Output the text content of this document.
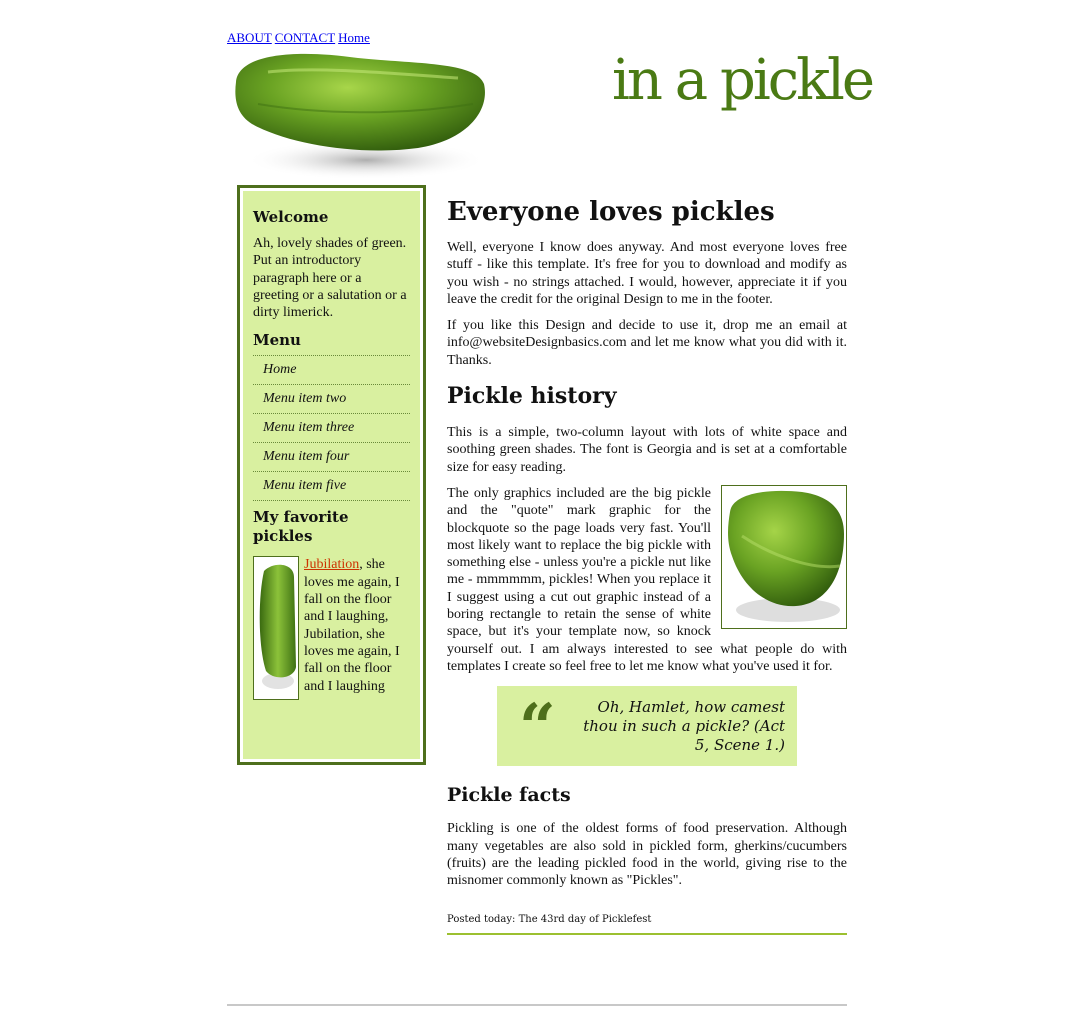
ABOUT CONTACT Home
in a pickle
Welcome

Ah, lovely shades of green. Put an introductory paragraph here or a greeting or a salutation or a dirty limerick.

Menu
Home
Menu item two
Menu item three
Menu item four
Menu item five
My favorite pickles
Jubilation, she loves me again, I fall on the floor and I laughing, Jubilation, she loves me again, I fall on the floor and I laughing
Everyone loves pickles

Well, everyone I know does anyway. And most everyone loves free stuff - like this template. It's free for you to download and modify as you wish - no strings attached. I would, however, appreciate it if you leave the credit for the original Design to me in the footer.

If you like this Design and decide to use it, drop me an email at info@websiteDesignbasics.com and let me know what you did with it. Thanks.

Pickle history

This is a simple, two-column layout with lots of white space and soothing green shades. The font is Georgia and is set at a comfortable size for easy reading.

The only graphics included are the big pickle and the "quote" mark graphic for the blockquote so the page loads very fast. You'll most likely want to replace the big pickle with something else - unless you're a pickle nut like me - mmmmmm, pickles! When you replace it I suggest using a cut out graphic instead of a boring rectangle to retain the sense of white space, but it's your template now, so knock yourself out. I am always interested to see what people do with templates I create so feel free to let me know what you've used it for.

“	Oh, Hamlet, how camest thou in such a pickle? (Act 5, Scene 1.)
Pickle facts

Pickling is one of the oldest forms of food preservation. Although many vegetables are also sold in pickled form, gherkins/cucumbers (fruits) are the leading pickled food in the world, giving rise to the misnomer commonly known as "Pickles".

Posted today: The 43rd day of Picklefest
